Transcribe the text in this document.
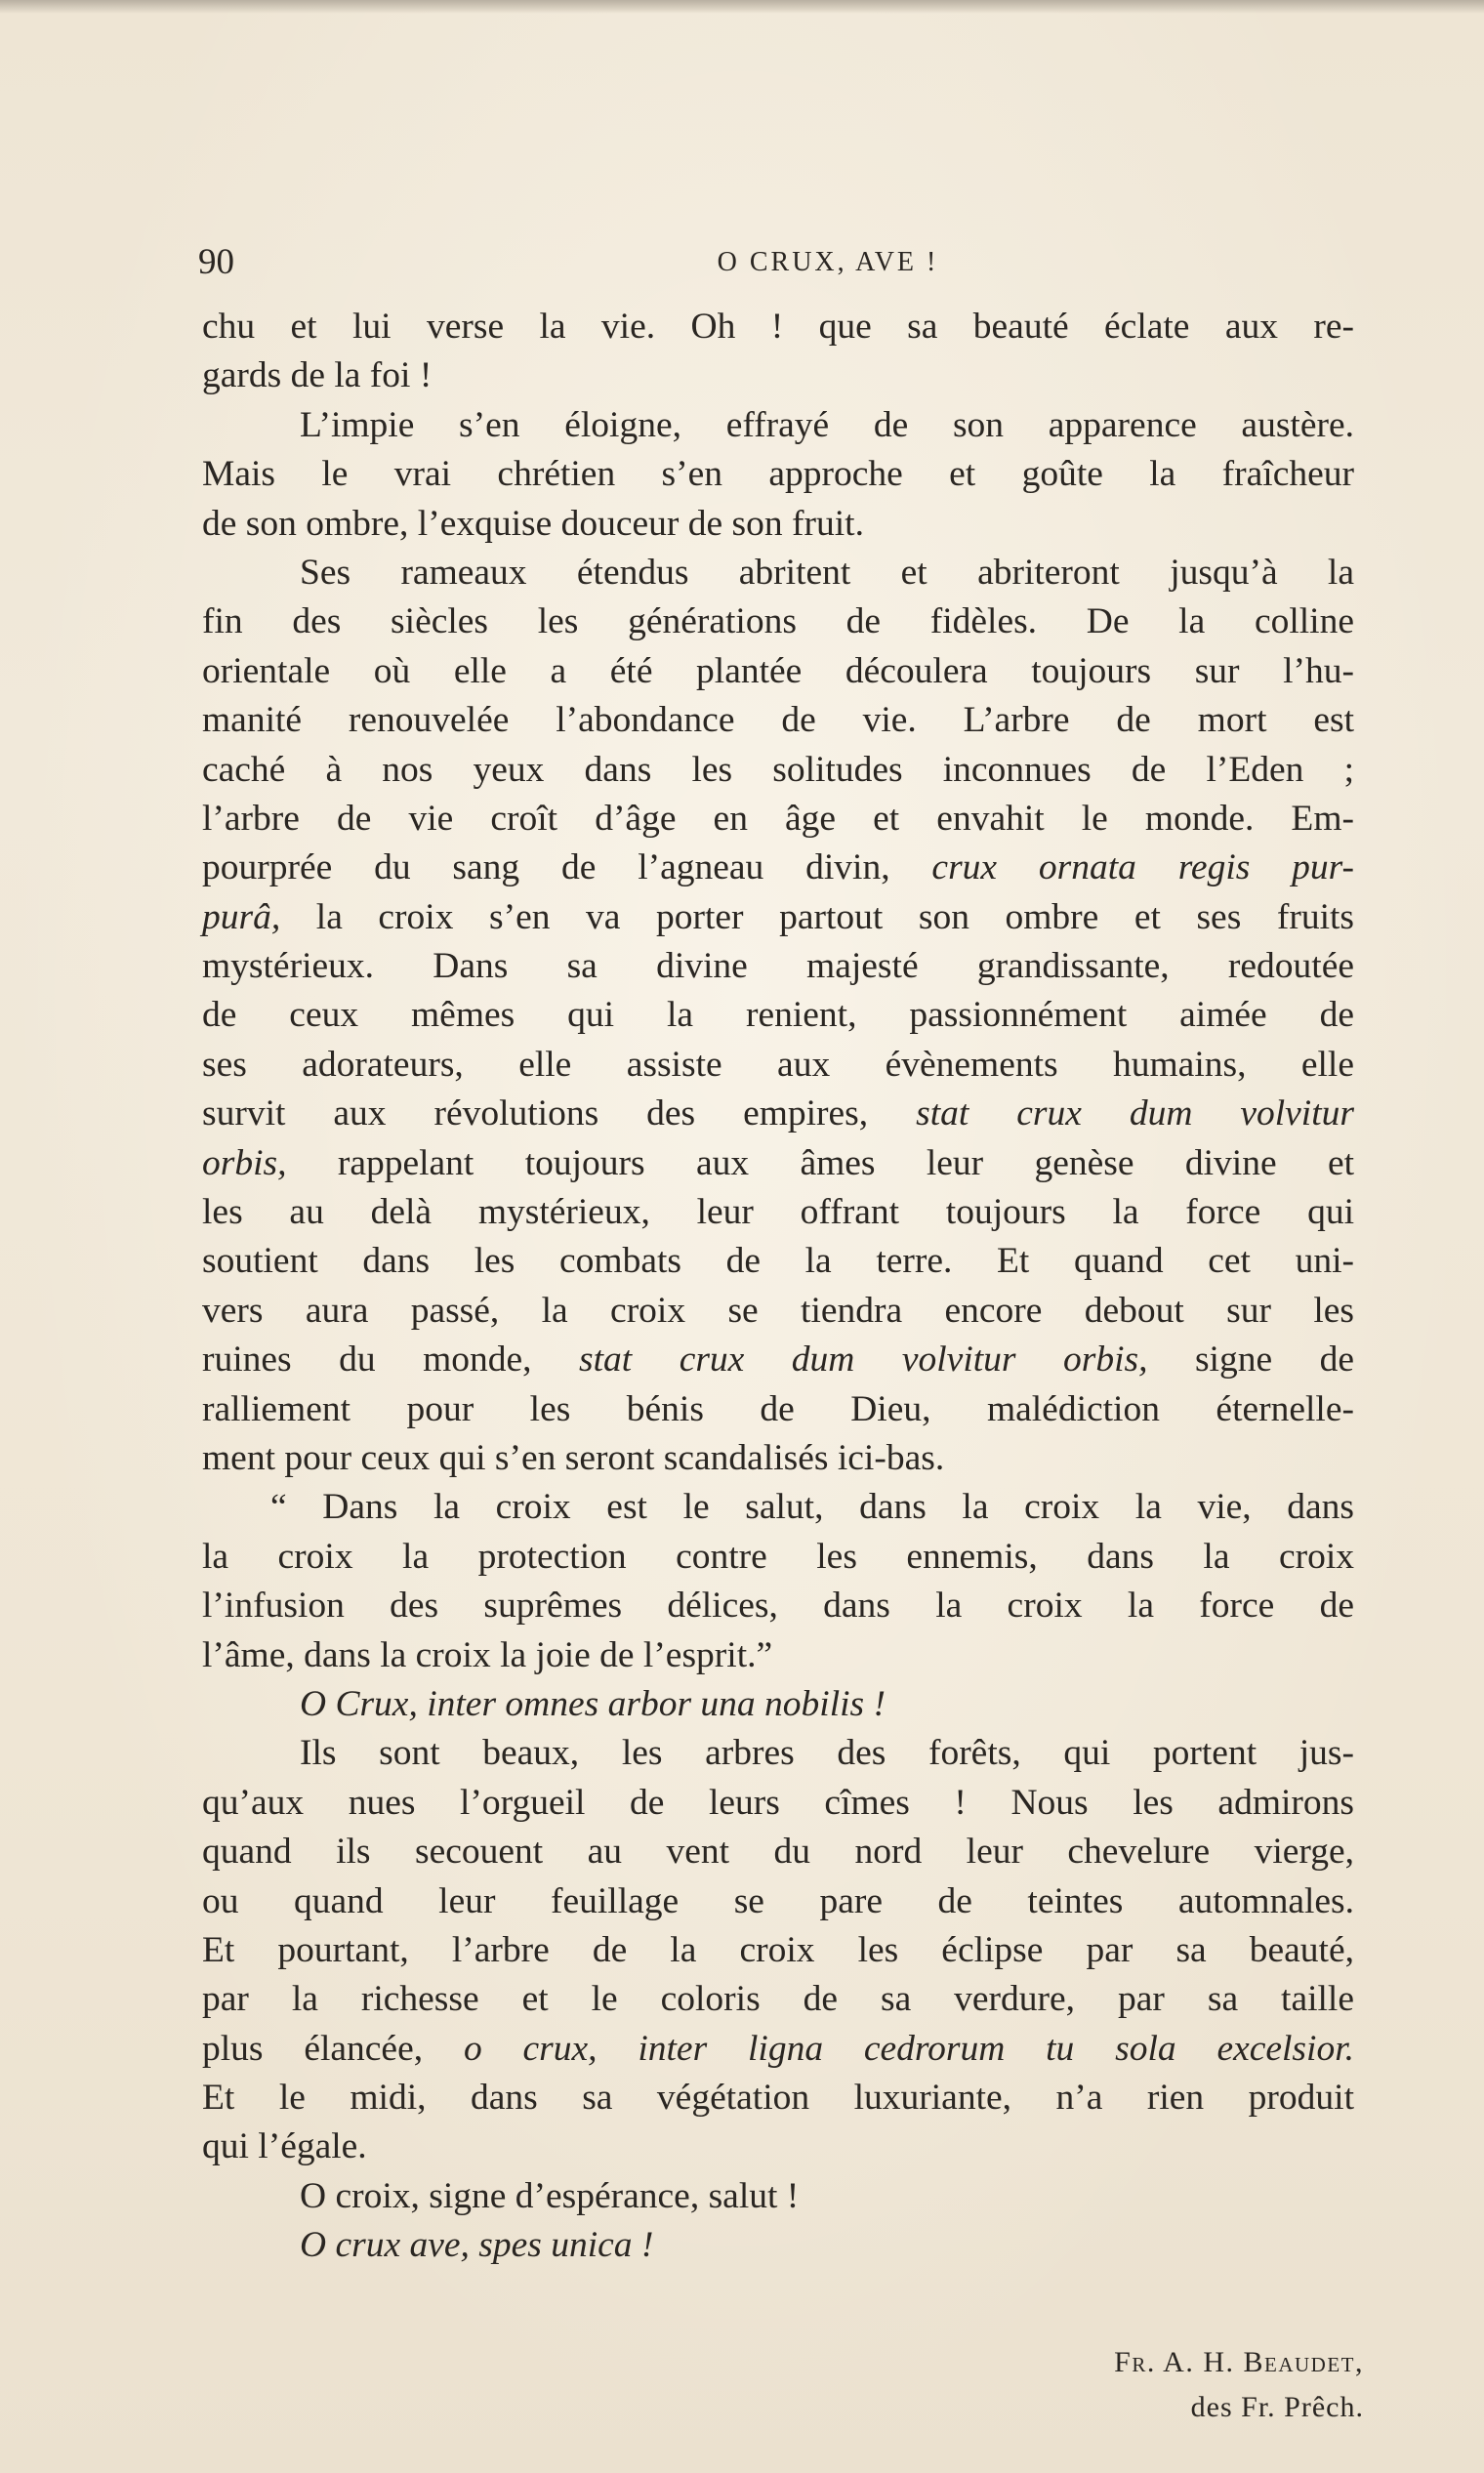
90	O CRUX, AVE !
chu et lui verse la vie. Oh ! que sa beauté éclate aux re-
gards de la foi !
L’impie s’en éloigne, effrayé de son apparence austère.
Mais le vrai chrétien s’en approche et goûte la fraîcheur
de son ombre, l’exquise douceur de son fruit.
Ses rameaux étendus abritent et abriteront jusqu’à la
fin des siècles les générations de fidèles. De la colline
orientale où elle a été plantée découlera toujours sur l’hu-
manité renouvelée l’abondance de vie. L’arbre de mort est
caché à nos yeux dans les solitudes inconnues de l’Eden ;
l’arbre de vie croît d’âge en âge et envahit le monde. Em-
pourprée du sang de l’agneau divin, crux ornata regis pur-
purâ, la croix s’en va porter partout son ombre et ses fruits
mystérieux. Dans sa divine majesté grandissante, redoutée
de ceux mêmes qui la renient, passionnément aimée de
ses adorateurs, elle assiste aux évènements humains, elle
survit aux révolutions des empires, stat crux dum volvitur
orbis, rappelant toujours aux âmes leur genèse divine et
les au delà mystérieux, leur offrant toujours la force qui
soutient dans les combats de la terre. Et quand cet uni-
vers aura passé, la croix se tiendra encore debout sur les
ruines du monde, stat crux dum volvitur orbis, signe de
ralliement pour les bénis de Dieu, malédiction éternelle-
ment pour ceux qui s’en seront scandalisés ici-bas.
“ Dans la croix est le salut, dans la croix la vie, dans
la croix la protection contre les ennemis, dans la croix
l’infusion des suprêmes délices, dans la croix la force de
l’âme, dans la croix la joie de l’esprit.”
O Crux, inter omnes arbor una nobilis !
Ils sont beaux, les arbres des forêts, qui portent jus-
qu’aux nues l’orgueil de leurs cîmes ! Nous les admirons
quand ils secouent au vent du nord leur chevelure vierge,
ou quand leur feuillage se pare de teintes automnales.
Et pourtant, l’arbre de la croix les éclipse par sa beauté,
par la richesse et le coloris de sa verdure, par sa taille
plus élancée, o crux, inter ligna cedrorum tu sola excelsior.
Et le midi, dans sa végétation luxuriante, n’a rien produit
qui l’égale.
O croix, signe d’espérance, salut !
O crux ave, spes unica !
Fr. A. H. Beaudet,
des Fr. Prêch.
